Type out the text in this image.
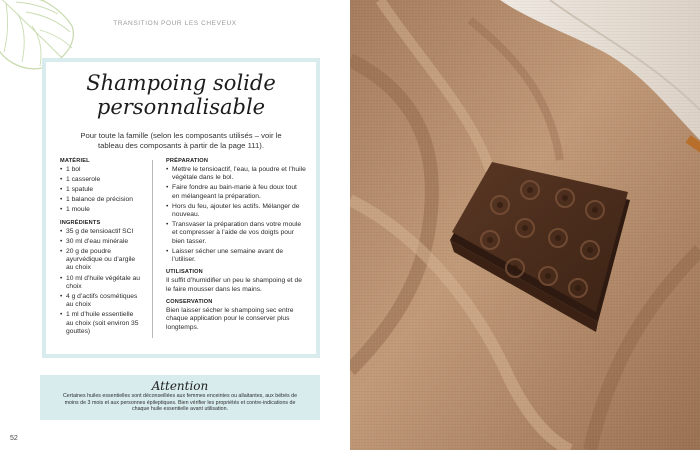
TRANSITION POUR LES CHEVEUX
Shampoing solide
personnalisable
Pour toute la famille (selon les composants utilisés – voir le tableau des composants à partir de la page 111).
MATÉRIEL
• 1 bol
• 1 casserole
• 1 spatule
• 1 balance de précision
• 1 moule
INGRÉDIENTS
• 35 g de tensioactif SCI
• 30 ml d’eau minérale
• 20 g de poudre ayurvédique ou d’argile au choix
• 10 ml d’huile végétale au choix
• 4 g d’actifs cosmétiques au choix
• 1 ml d’huile essentielle au choix (soit environ 35 gouttes)
PRÉPARATION
• Mettre le tensioactif, l’eau, la poudre et l’huile végétale dans le bol.
• Faire fondre au bain-marie à feu doux tout en mélangeant la préparation.
• Hors du feu, ajouter les actifs. Mélanger de nouveau.
• Transvaser la préparation dans votre moule et compresser à l’aide de vos doigts pour bien tasser.
• Laisser sécher une semaine avant de l’utiliser.
UTILISATION
Il suffit d’humidifier un peu le shampoing et de le faire mousser dans les mains.
CONSERVATION
Bien laisser sécher le shampoing sec entre chaque application pour le conserver plus longtemps.
Attention
Certaines huiles essentielles sont déconseillées aux femmes enceintes ou allaitantes, aux bébés de moins de 3 mois et aux personnes épileptiques. Bien vérifier les propriétés et contre-indications de chaque huile essentielle avant utilisation.
52
